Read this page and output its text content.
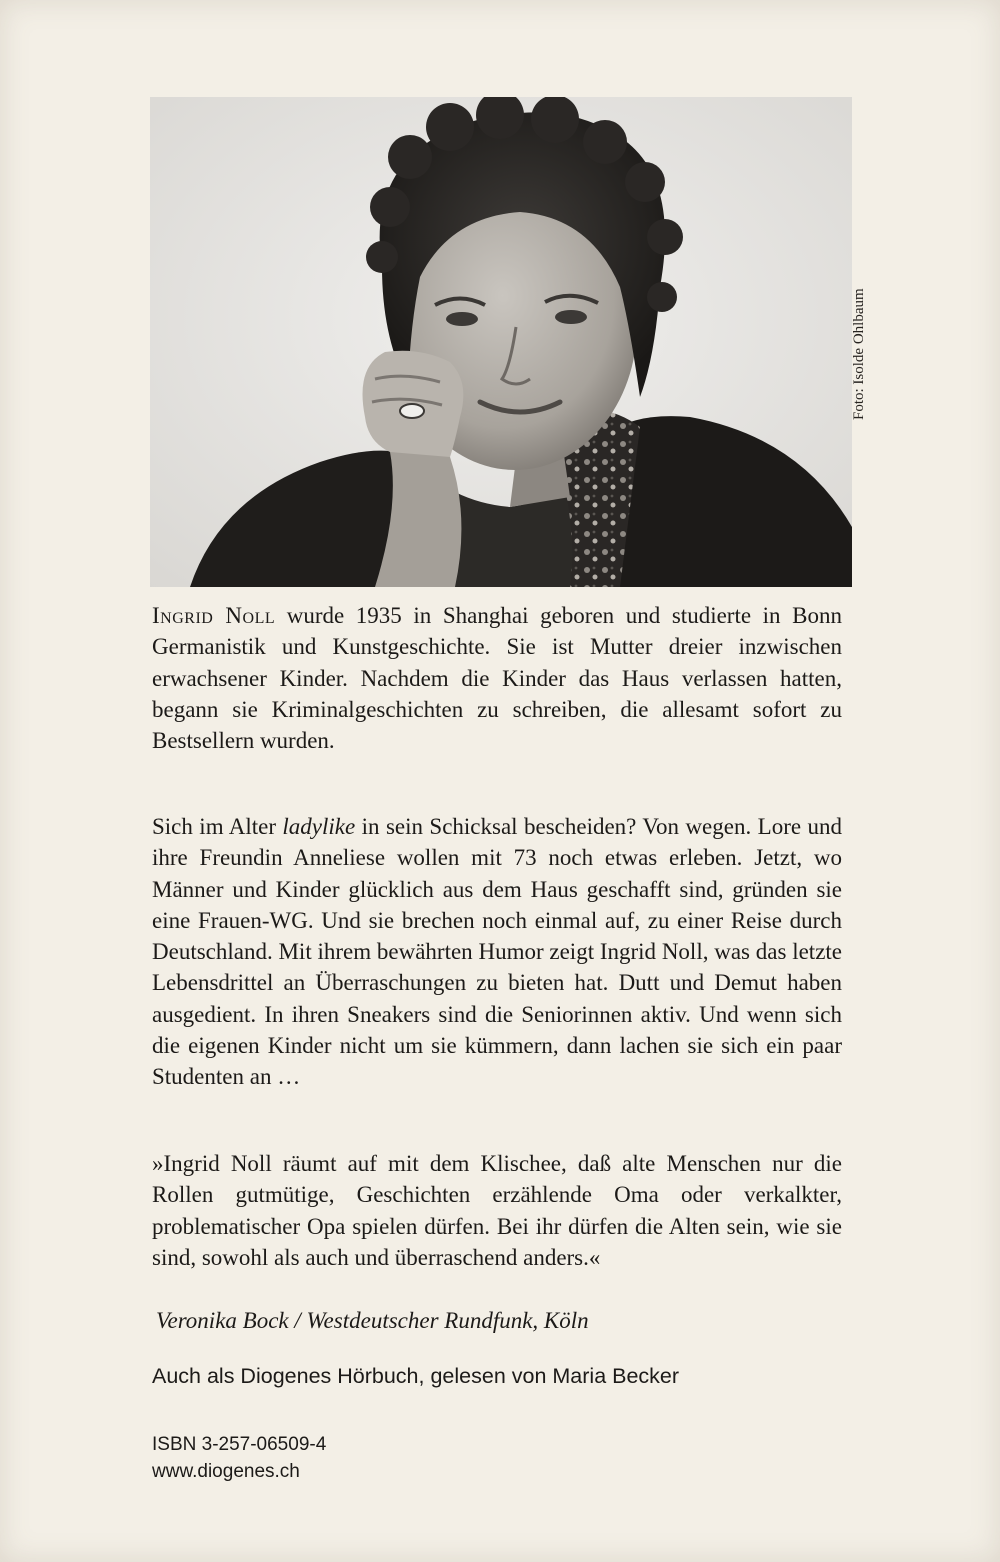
Foto: Isolde Ohlbaum

Ingrid Noll wurde 1935 in Shanghai geboren und studierte in Bonn Germanistik und Kunstgeschichte. Sie ist Mutter dreier inzwischen erwachsener Kinder. Nachdem die Kinder das Haus verlassen hatten, begann sie Kriminalgeschichten zu schreiben, die allesamt sofort zu Bestsellern wurden.

Sich im Alter ladylike in sein Schicksal bescheiden? Von wegen. Lore und ihre Freundin Anneliese wollen mit 73 noch etwas erleben. Jetzt, wo Männer und Kinder glücklich aus dem Haus geschafft sind, gründen sie eine Frauen-WG. Und sie brechen noch einmal auf, zu einer Reise durch Deutschland. Mit ihrem bewährten Humor zeigt Ingrid Noll, was das letzte Lebensdrittel an Überraschungen zu bieten hat. Dutt und Demut haben ausgedient. In ihren Sneakers sind die Seniorinnen aktiv. Und wenn sich die eigenen Kinder nicht um sie kümmern, dann lachen sie sich ein paar Studenten an …

»Ingrid Noll räumt auf mit dem Klischee, daß alte Menschen nur die Rollen gutmütige, Geschichten erzählende Oma oder verkalkter, problematischer Opa spielen dürfen. Bei ihr dürfen die Alten sein, wie sie sind, sowohl als auch und überraschend anders.«

Veronika Bock / Westdeutscher Rundfunk, Köln

Auch als Diogenes Hörbuch, gelesen von Maria Becker

ISBN 3-257-06509-4

www.diogenes.ch
